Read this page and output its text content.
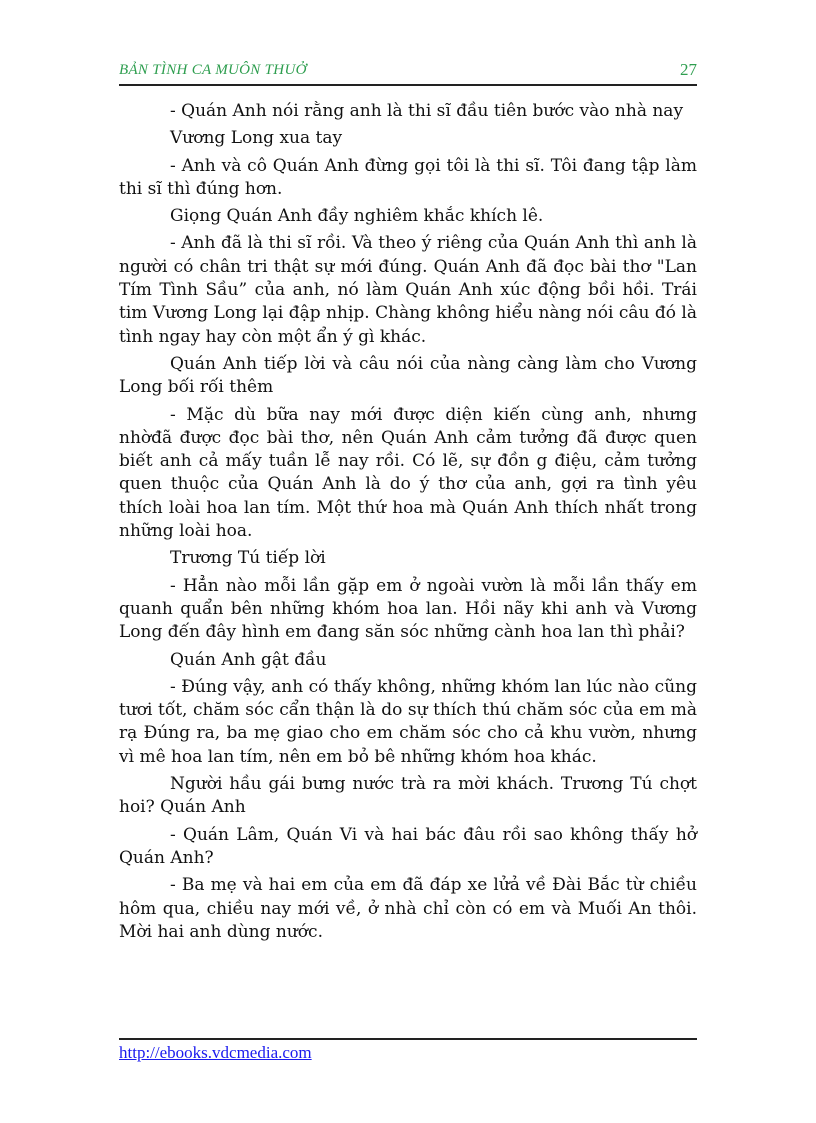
BẢN TÌNH CA MUÔN THUỞ	27

- Quán Anh nói rằng anh là thi sĩ đầu tiên bước vào nhà nay

Vương Long xua tay

- Anh và cô Quán Anh đừng gọi tôi là thi sĩ. Tôi đang tập làm thi sĩ thì đúng hơn.

Giọng Quán Anh đầy nghiêm khắc khích lê.

- Anh đã là thi sĩ rồi. Và theo ý riêng của Quán Anh thì anh là người có chân tri thật sự mới đúng. Quán Anh đã đọc bài thơ "Lan Tím Tình Sầu” của anh, nó làm Quán Anh xúc động bồi hồi. Trái tim Vương Long lại đập nhịp. Chàng không hiểu nàng nói câu đó là tình ngay hay còn một ẩn ý gì khác.

Quán Anh tiếp lời và câu nói của nàng càng làm cho Vương Long bối rối thêm

- Mặc dù bữa nay mới được diện kiến cùng anh, nhưng nhờđã được đọc bài thơ, nên Quán Anh cảm tưởng đã được quen biết anh cả mấy tuần lễ nay rồi. Có lẽ, sự đồn g điệu, cảm tưởng quen thuộc của Quán Anh là do ý thơ của anh, gợi ra tình yêu thích loài hoa lan tím. Một thứ hoa mà Quán Anh thích nhất trong những loài hoa.

Trương Tú tiếp lời

- Hẳn nào mỗi lần gặp em ở ngoài vườn là mỗi lần thấy em quanh quẩn bên những khóm hoa lan. Hồi nãy khi anh và Vương Long đến đây hình em đang săn sóc những cành hoa lan thì phải?

Quán Anh gật đầu

- Đúng vậy, anh có thấy không, những khóm lan lúc nào cũng tươi tốt, chăm sóc cẩn thận là do sự thích thú chăm sóc của em mà rạ Đúng ra, ba mẹ giao cho em chăm sóc cho cả khu vườn, nhưng vì mê hoa lan tím, nên em bỏ bê những khóm hoa khác.

Người hầu gái bưng nước trà ra mời khách. Trương Tú chợt hoi? Quán Anh

- Quán Lâm, Quán Vi và hai bác đâu rồi sao không thấy hở Quán Anh?

- Ba mẹ và hai em của em đã đáp xe lửả về Đài Bắc từ chiều hôm qua, chiều nay mới về, ở nhà chỉ còn có em và Muối An thôi. Mời hai anh dùng nước.

http://ebooks.vdcmedia.com
